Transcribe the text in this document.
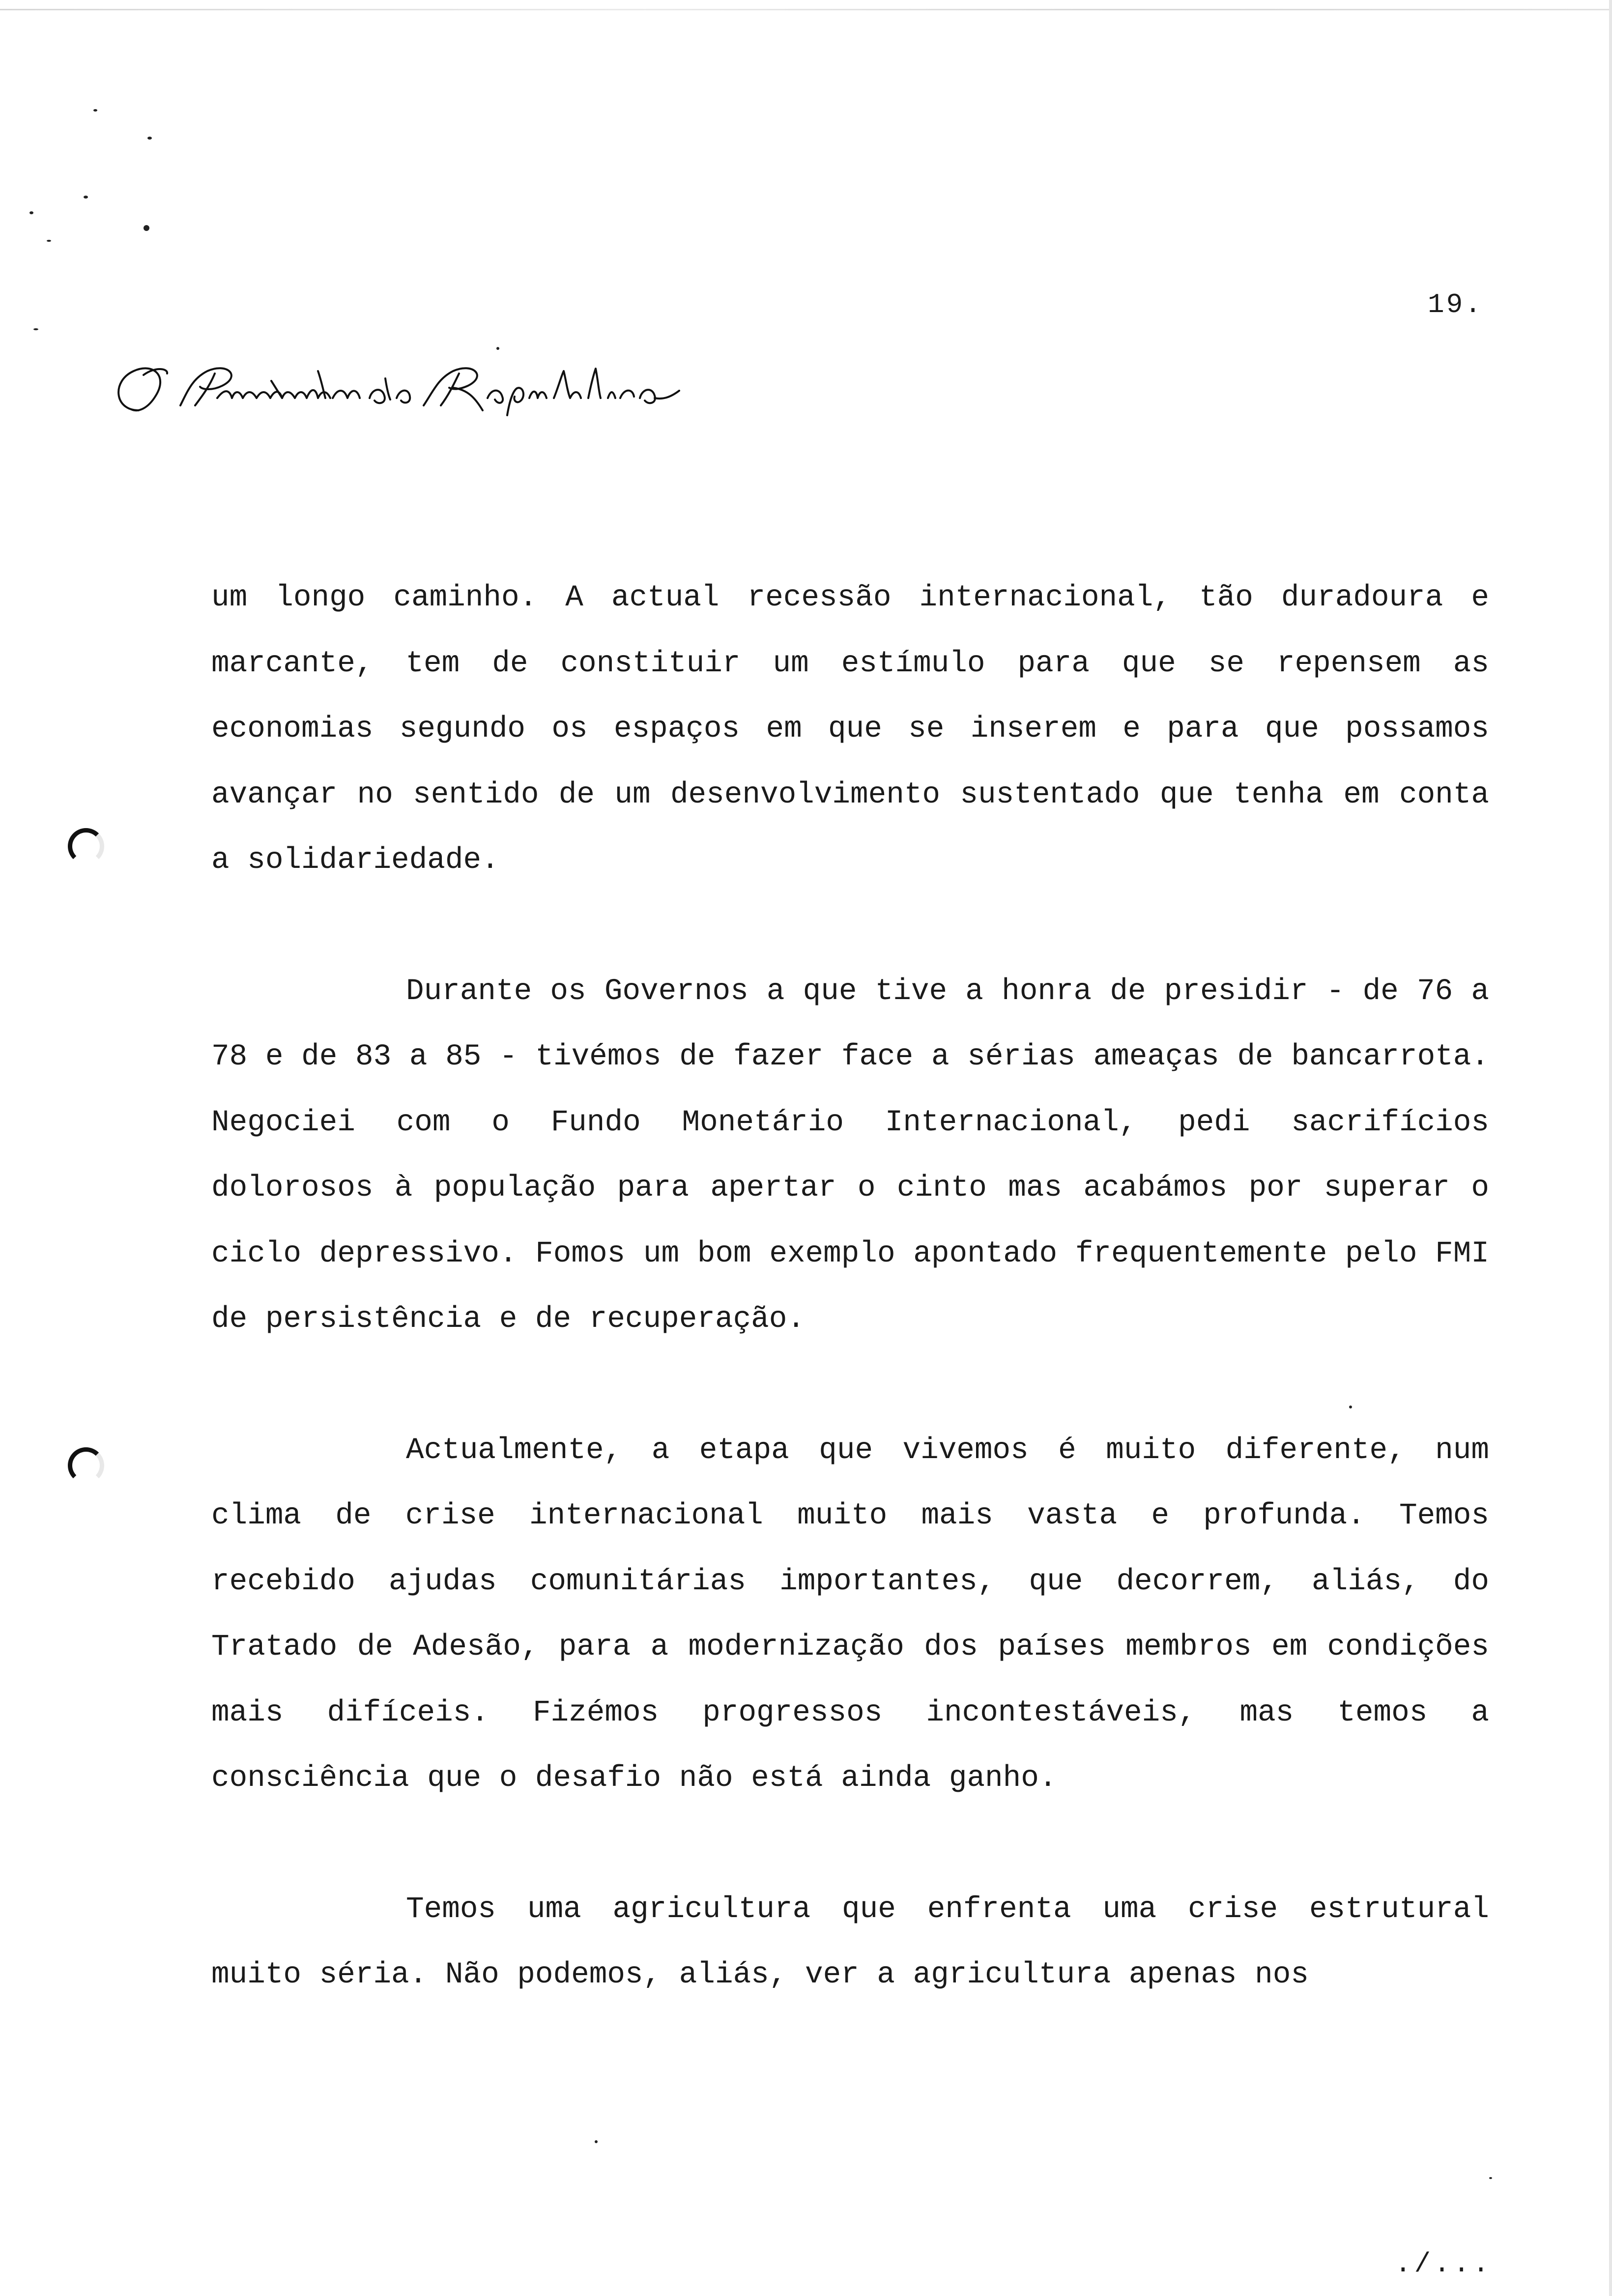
19.

um longo caminho. A actual recessão internacional, tão duradoura e marcante, tem de constituir um estímulo para que se repensem as economias segundo os espaços em que se inserem e para que possamos avançar no sentido de um desenvolvimento sustentado que tenha em conta a solidariedade.

Durante os Governos a que tive a honra de presidir - de 76 a 78 e de 83 a 85 - tivémos de fazer face a sérias ameaças de bancarrota. Negociei com o Fundo Monetário Internacional, pedi sacrifícios dolorosos à população para apertar o cinto mas acabámos por superar o ciclo depressivo. Fomos um bom exemplo apontado frequentemente pelo FMI de persistência e de recuperação.

Actualmente, a etapa que vivemos é muito diferente, num clima de crise internacional muito mais vasta e profunda. Temos recebido ajudas comunitárias importantes, que decorrem, aliás, do Tratado de Adesão, para a modernização dos países membros em condições mais difíceis. Fizémos progressos incontestáveis, mas temos a consciência que o desafio não está ainda ganho.

Temos uma agricultura que enfrenta uma crise estrutural muito séria. Não podemos, aliás, ver a agricultura apenas nos

./...
